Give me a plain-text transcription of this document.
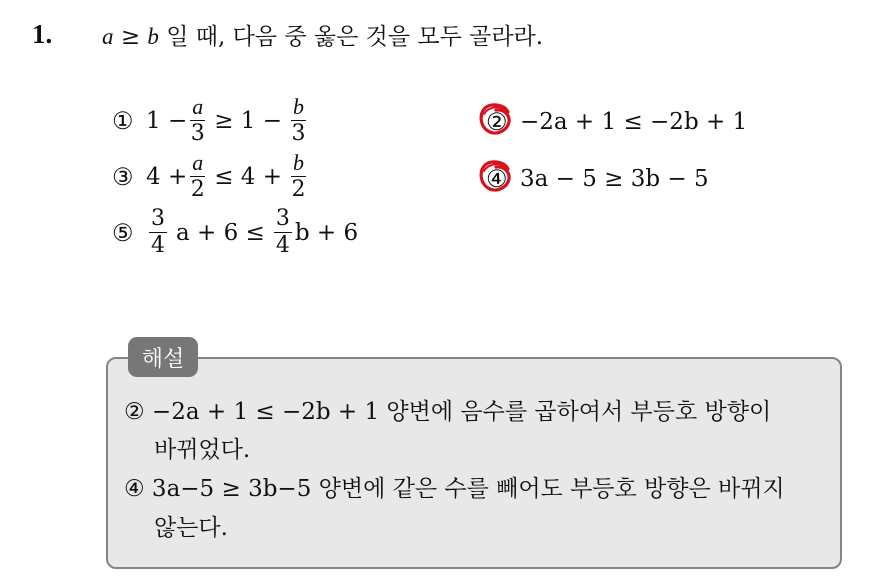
1.	a ≥ b 일 때, 다음 중 옳은 것을 모두 골라라.
① $1 - \frac{a}{3} \ge 1 - \frac{b}{3}$
③ $4 + \frac{a}{2} \le 4 + \frac{b}{2}$
⑤ $\frac{3}{4}$ $a + 6 \le \frac{3}{4}$ b + 6
② −2a + 1 ≤ −2b + 1
④ 3a − 5 ≥ 3b − 5
해설
② −2a + 1 ≤ −2b + 1 양변에 음수를 곱하여서 부등호 방향이
바뀌었다.
④ 3a−5 ≥ 3b−5 양변에 같은 수를 빼어도 부등호 방향은 바뀌지
않는다.
